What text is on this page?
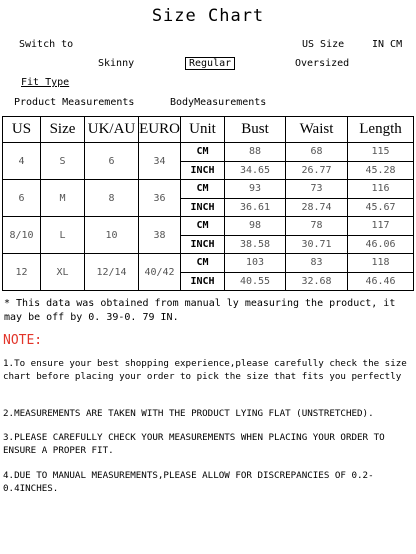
Size Chart
Switch to	US Size	IN CM
Skinny	Regular	Oversized
Fit Type
Product Measurements	BodyMeasurements
US	Size	UK/AU	EURO	Unit	Bust	Waist	Length
4	S	6	34	CM	88	68	115
				INCH	34.65	26.77	45.28
6	M	8	36	CM	93	73	116
				INCH	36.61	28.74	45.67
8/10	L	10	38	CM	98	78	117
				INCH	38.58	30.71	46.06
12	XL	12/14	40/42	CM	103	83	118
				INCH	40.55	32.68	46.46
* This data was obtained from manual ly measuring the product, it may be off by 0. 39-0. 79 IN.
NOTE:
1.To ensure your best shopping experience,please carefully check the size chart before placing your order to pick the size that fits you perfectly
2.MEASUREMENTS ARE TAKEN WITH THE PRODUCT LYING FLAT (UNSTRETCHED).
3.PLEASE CAREFULLY CHECK YOUR MEASUREMENTS WHEN PLACING YOUR ORDER TO ENSURE A PROPER FIT.
4.DUE TO MANUAL MEASUREMENTS,PLEASE ALLOW FOR DISCREPANCIES OF 0.2-0.4INCHES.
